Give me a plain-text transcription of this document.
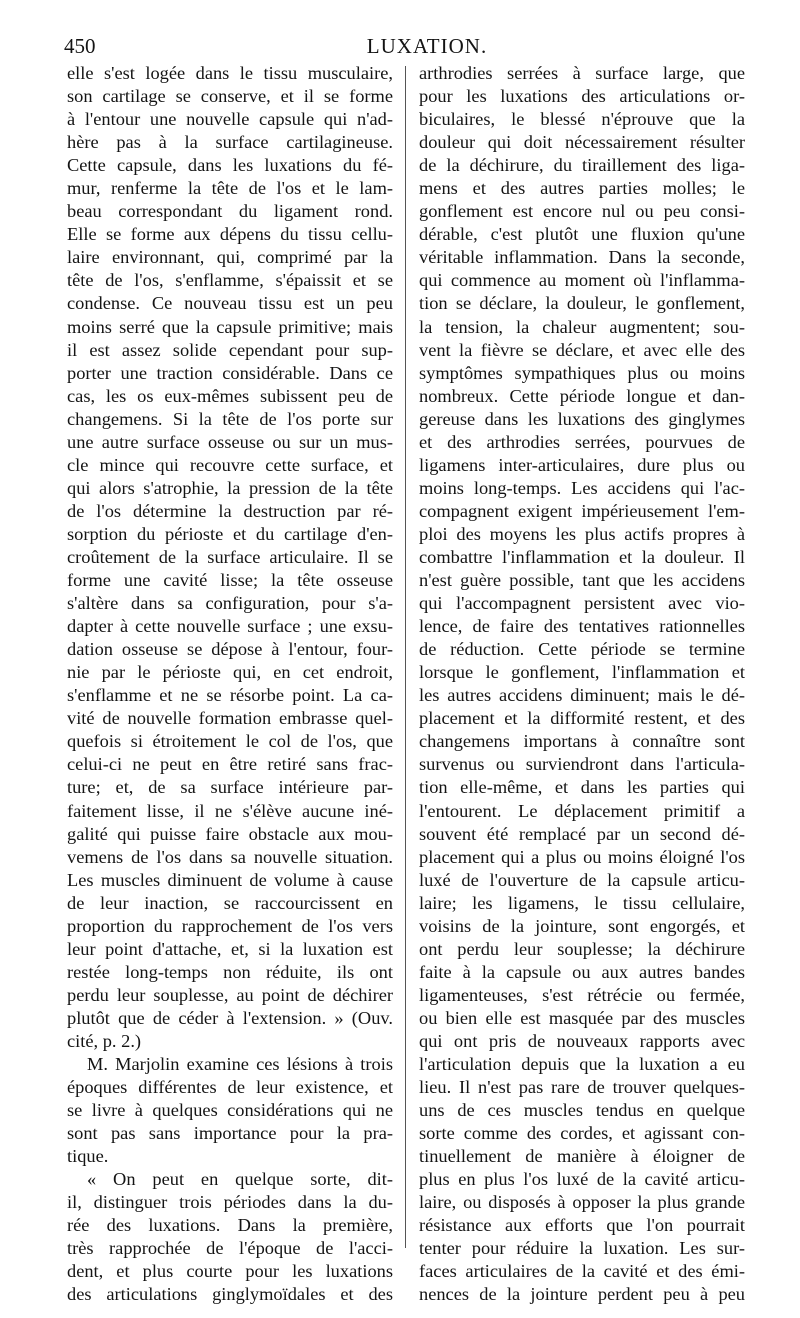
450	LUXATION.
elle s'est logée dans le tissu musculaire,
son cartilage se conserve, et il se forme
à l'entour une nouvelle capsule qui n'ad-
hère pas à la surface cartilagineuse.
Cette capsule, dans les luxations du fé-
mur, renferme la tête de l'os et le lam-
beau correspondant du ligament rond.
Elle se forme aux dépens du tissu cellu-
laire environnant, qui, comprimé par la
tête de l'os, s'enflamme, s'épaissit et se
condense. Ce nouveau tissu est un peu
moins serré que la capsule primitive; mais
il est assez solide cependant pour sup-
porter une traction considérable. Dans ce
cas, les os eux-mêmes subissent peu de
changemens. Si la tête de l'os porte sur
une autre surface osseuse ou sur un mus-
cle mince qui recouvre cette surface, et
qui alors s'atrophie, la pression de la tête
de l'os détermine la destruction par ré-
sorption du périoste et du cartilage d'en-
croûtement de la surface articulaire. Il se
forme une cavité lisse; la tête osseuse
s'altère dans sa configuration, pour s'a-
dapter à cette nouvelle surface ; une exsu-
dation osseuse se dépose à l'entour, four-
nie par le périoste qui, en cet endroit,
s'enflamme et ne se résorbe point. La ca-
vité de nouvelle formation embrasse quel-
quefois si étroitement le col de l'os, que
celui-ci ne peut en être retiré sans frac-
ture; et, de sa surface intérieure par-
faitement lisse, il ne s'élève aucune iné-
galité qui puisse faire obstacle aux mou-
vemens de l'os dans sa nouvelle situation.
Les muscles diminuent de volume à cause
de leur inaction, se raccourcissent en
proportion du rapprochement de l'os vers
leur point d'attache, et, si la luxation est
restée long-temps non réduite, ils ont
perdu leur souplesse, au point de déchirer
plutôt que de céder à l'extension. » (Ouv.
cité, p. 2.)
M. Marjolin examine ces lésions à trois
époques différentes de leur existence, et
se livre à quelques considérations qui ne
sont pas sans importance pour la pra-
tique.
« On peut en quelque sorte, dit-
il, distinguer trois périodes dans la du-
rée des luxations. Dans la première,
très rapprochée de l'époque de l'acci-
dent, et plus courte pour les luxations
des articulations ginglymoïdales et des
arthrodies serrées à surface large, que
pour les luxations des articulations or-
biculaires, le blessé n'éprouve que la
douleur qui doit nécessairement résulter
de la déchirure, du tiraillement des liga-
mens et des autres parties molles; le
gonflement est encore nul ou peu consi-
dérable, c'est plutôt une fluxion qu'une
véritable inflammation. Dans la seconde,
qui commence au moment où l'inflamma-
tion se déclare, la douleur, le gonflement,
la tension, la chaleur augmentent; sou-
vent la fièvre se déclare, et avec elle des
symptômes sympathiques plus ou moins
nombreux. Cette période longue et dan-
gereuse dans les luxations des ginglymes
et des arthrodies serrées, pourvues de
ligamens inter-articulaires, dure plus ou
moins long-temps. Les accidens qui l'ac-
compagnent exigent impérieusement l'em-
ploi des moyens les plus actifs propres à
combattre l'inflammation et la douleur. Il
n'est guère possible, tant que les accidens
qui l'accompagnent persistent avec vio-
lence, de faire des tentatives rationnelles
de réduction. Cette période se termine
lorsque le gonflement, l'inflammation et
les autres accidens diminuent; mais le dé-
placement et la difformité restent, et des
changemens importans à connaître sont
survenus ou surviendront dans l'articula-
tion elle-même, et dans les parties qui
l'entourent. Le déplacement primitif a
souvent été remplacé par un second dé-
placement qui a plus ou moins éloigné l'os
luxé de l'ouverture de la capsule articu-
laire; les ligamens, le tissu cellulaire,
voisins de la jointure, sont engorgés, et
ont perdu leur souplesse; la déchirure
faite à la capsule ou aux autres bandes
ligamenteuses, s'est rétrécie ou fermée,
ou bien elle est masquée par des muscles
qui ont pris de nouveaux rapports avec
l'articulation depuis que la luxation a eu
lieu. Il n'est pas rare de trouver quelques-
uns de ces muscles tendus en quelque
sorte comme des cordes, et agissant con-
tinuellement de manière à éloigner de
plus en plus l'os luxé de la cavité articu-
laire, ou disposés à opposer la plus grande
résistance aux efforts que l'on pourrait
tenter pour réduire la luxation. Les sur-
faces articulaires de la cavité et des émi-
nences de la jointure perdent peu à peu
